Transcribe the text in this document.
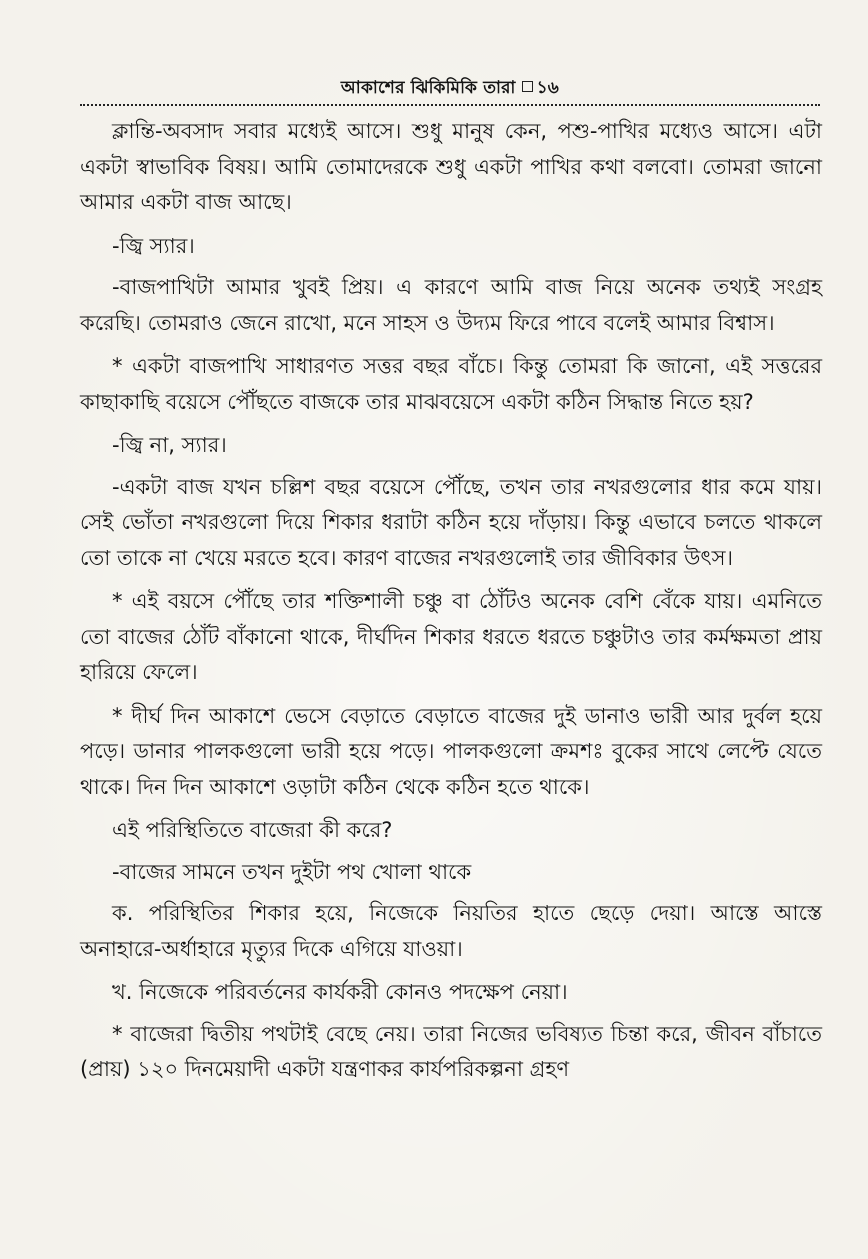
আকাশের ঝিকিমিকি তারা ১৬

ক্লান্তি-অবসাদ সবার মধ্যেই আসে। শুধু মানুষ কেন, পশু-পাখির মধ্যেও আসে। এটা একটা স্বাভাবিক বিষয়। আমি তোমাদেরকে শুধু একটা পাখির কথা বলবো। তোমরা জানো আমার একটা বাজ আছে।

-জ্বি স্যার।

-বাজপাখিটা আমার খুবই প্রিয়। এ কারণে আমি বাজ নিয়ে অনেক তথ্যই সংগ্রহ করেছি। তোমরাও জেনে রাখো, মনে সাহস ও উদ্যম ফিরে পাবে বলেই আমার বিশ্বাস।

* একটা বাজপাখি সাধারণত সত্তর বছর বাঁচে। কিন্তু তোমরা কি জানো, এই সত্তরের কাছাকাছি বয়েসে পৌঁছতে বাজকে তার মাঝবয়েসে একটা কঠিন সিদ্ধান্ত নিতে হয়?

-জ্বি না, স্যার।

-একটা বাজ যখন চল্লিশ বছর বয়েসে পৌঁছে, তখন তার নখরগুলোর ধার কমে যায়। সেই ভোঁতা নখরগুলো দিয়ে শিকার ধরাটা কঠিন হয়ে দাঁড়ায়। কিন্তু এভাবে চলতে থাকলে তো তাকে না খেয়ে মরতে হবে। কারণ বাজের নখরগুলোই তার জীবিকার উৎস।

* এই বয়সে পৌঁছে তার শক্তিশালী চঞ্চু বা ঠোঁটও অনেক বেশি বেঁকে যায়। এমনিতে তো বাজের ঠোঁট বাঁকানো থাকে, দীর্ঘদিন শিকার ধরতে ধরতে চঞ্চুটাও তার কর্মক্ষমতা প্রায় হারিয়ে ফেলে।

* দীর্ঘ দিন আকাশে ভেসে বেড়াতে বেড়াতে বাজের দুই ডানাও ভারী আর দুর্বল হয়ে পড়ে। ডানার পালকগুলো ভারী হয়ে পড়ে। পালকগুলো ক্রমশঃ বুকের সাথে লেপ্টে যেতে থাকে। দিন দিন আকাশে ওড়াটা কঠিন থেকে কঠিন হতে থাকে।

এই পরিস্থিতিতে বাজেরা কী করে?

-বাজের সামনে তখন দুইটা পথ খোলা থাকে

ক. পরিস্থিতির শিকার হয়ে, নিজেকে নিয়তির হাতে ছেড়ে দেয়া। আস্তে আস্তে অনাহারে-অর্ধাহারে মৃত্যুর দিকে এগিয়ে যাওয়া।

খ. নিজেকে পরিবর্তনের কার্যকরী কোনও পদক্ষেপ নেয়া।

* বাজেরা দ্বিতীয় পথটাই বেছে নেয়। তারা নিজের ভবিষ্যত চিন্তা করে, জীবন বাঁচাতে (প্রায়) ১২০ দিনমেয়াদী একটা যন্ত্রণাকর কার্যপরিকল্পনা গ্রহণ
